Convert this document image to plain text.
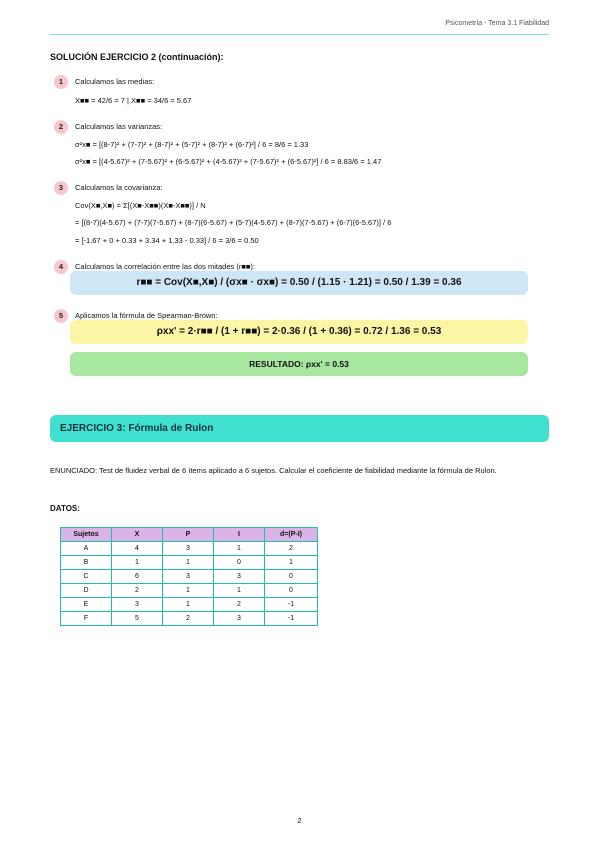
Psicometría - Tema 3.1 Fiabilidad
SOLUCIÓN EJERCICIO 2 (continuación):
1	Calculamos las medias:
X■■ = 42/6 = 7 | X■■ = 34/6 = 5.67
2	Calculamos las varianzas:
σ²x■ = [(8-7)² + (7-7)² + (8-7)² + (5-7)² + (8-7)² + (6-7)²] / 6 = 8/6 = 1.33
σ²x■ = [(4-5.67)² + (7-5.67)² + (6-5.67)² + (4-5.67)² + (7-5.67)² + (6-5.67)²] / 6 = 8.83/6 = 1.47
3	Calculamos la covarianza:
Cov(X■,X■) = Σ[(X■-X■■)(X■-X■■)] / N
= [(8-7)(4-5.67) + (7-7)(7-5.67) + (8-7)(6-5.67) + (5-7)(4-5.67) + (8-7)(7-5.67) + (6-7)(6-5.67)] / 6
= [-1.67 + 0 + 0.33 + 3.34 + 1.33 - 0.33] / 6 = 3/6 = 0.50
4	Calculamos la correlación entre las dos mitades (r■■):
r■■ = Cov(X■,X■) / (σx■ · σx■) = 0.50 / (1.15 · 1.21) = 0.50 / 1.39 = 0.36
5	Aplicamos la fórmula de Spearman-Brown:
ρxx' = 2·r■■ / (1 + r■■) = 2·0.36 / (1 + 0.36) = 0.72 / 1.36 = 0.53
RESULTADO: ρxx' = 0.53
EJERCICIO 3: Fórmula de Rulon
ENUNCIADO: Test de fluidez verbal de 6 ítems aplicado a 6 sujetos. Calcular el coeficiente de fiabilidad mediante la fórmula de Rulon.
DATOS:
Sujetos	X	P	I	d=(P-I)
A	4	3	1	2
B	1	1	0	1
C	6	3	3	0
D	2	1	1	0
E	3	1	2	-1
F	5	2	3	-1
2
